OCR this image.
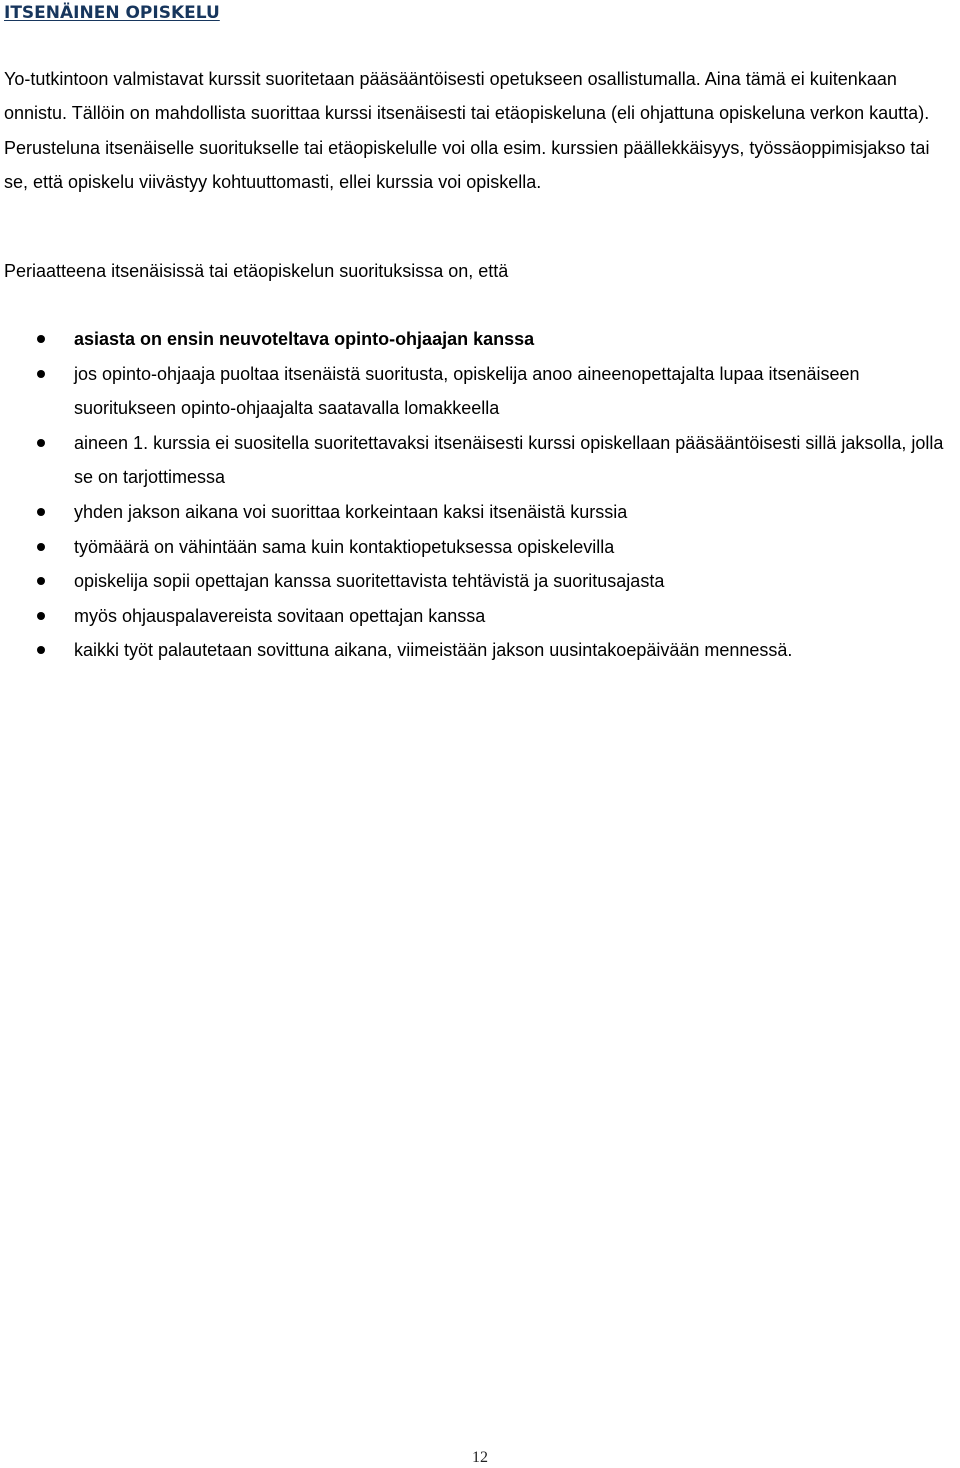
ITSENÄINEN OPISKELU

Yo-tutkintoon valmistavat kurssit suoritetaan pääsääntöisesti opetukseen osallistumalla. Aina tämä ei kuitenkaan onnistu. Tällöin on mahdollista suorittaa kurssi itsenäisesti tai etäopiskeluna (eli ohjattuna opiskeluna verkon kautta). Perusteluna itsenäiselle suoritukselle tai etäopiskelulle voi olla esim. kurssien päällekkäisyys, työssäoppimisjakso tai se, että opiskelu viivästyy kohtuuttomasti, ellei kurssia voi opiskella.

Periaatteena itsenäisissä tai etäopiskelun suorituksissa on, että

asiasta on ensin neuvoteltava opinto-ohjaajan kanssa
jos opinto-ohjaaja puoltaa itsenäistä suoritusta, opiskelija anoo aineenopettajalta lupaa itsenäiseen suoritukseen opinto-ohjaajalta saatavalla lomakkeella
aineen 1. kurssia ei suositella suoritettavaksi itsenäisesti kurssi opiskellaan pääsääntöisesti sillä jaksolla, jolla se on tarjottimessa
yhden jakson aikana voi suorittaa korkeintaan kaksi itsenäistä kurssia
työmäärä on vähintään sama kuin kontaktiopetuksessa opiskelevilla
opiskelija sopii opettajan kanssa suoritettavista tehtävistä ja suoritusajasta
myös ohjauspalavereista sovitaan opettajan kanssa
kaikki työt palautetaan sovittuna aikana, viimeistään jakson uusintakoepäivään mennessä.
12
